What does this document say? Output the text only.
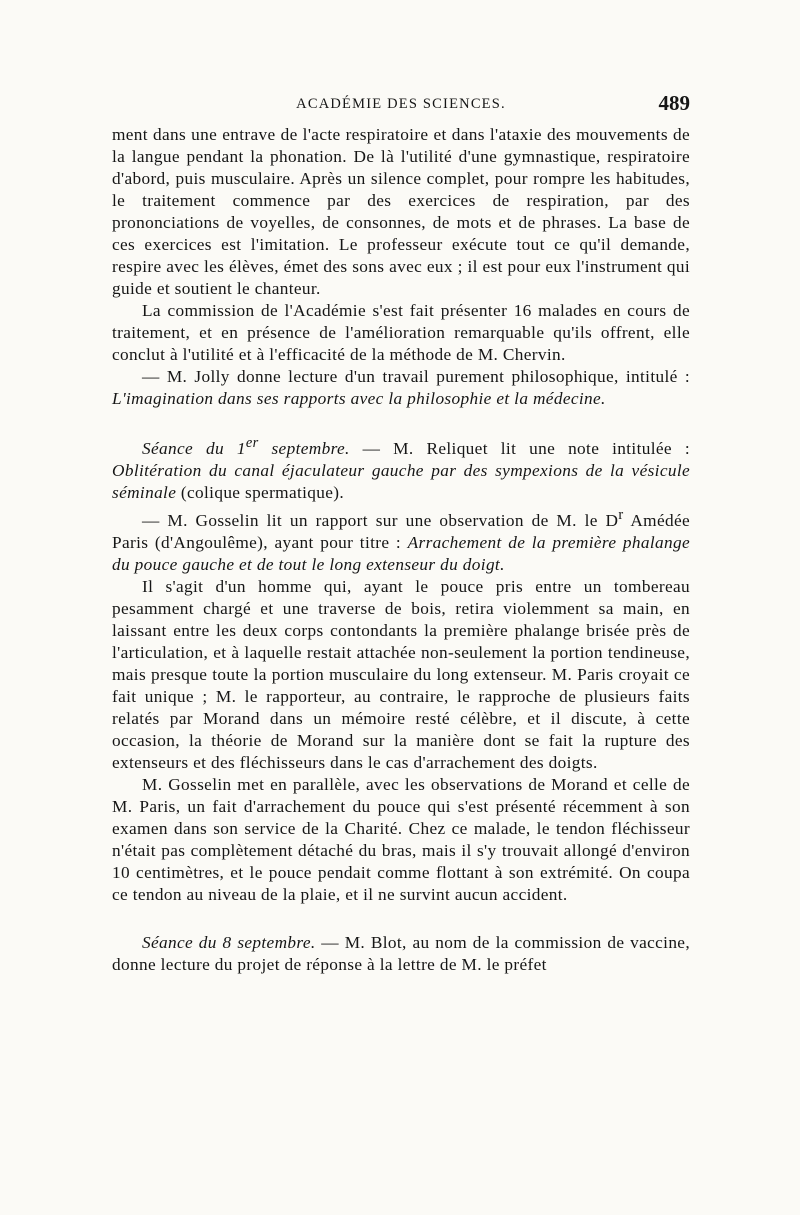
ACADÉMIE DES SCIENCES.	489

ment dans une entrave de l'acte respiratoire et dans l'ataxie des mouvements de la langue pendant la phonation. De là l'utilité d'une gymnastique, respiratoire d'abord, puis musculaire. Après un silence complet, pour rompre les habitudes, le traitement commence par des exercices de respiration, par des prononciations de voyelles, de consonnes, de mots et de phrases. La base de ces exercices est l'imitation. Le professeur exécute tout ce qu'il demande, respire avec les élèves, émet des sons avec eux ; il est pour eux l'instrument qui guide et soutient le chanteur.

La commission de l'Académie s'est fait présenter 16 malades en cours de traitement, et en présence de l'amélioration remarquable qu'ils offrent, elle conclut à l'utilité et à l'efficacité de la méthode de M. Chervin.

— M. Jolly donne lecture d'un travail purement philosophique, intitulé : L'imagination dans ses rapports avec la philosophie et la médecine.

Séance du 1er septembre. — M. Reliquet lit une note intitulée : Oblitération du canal éjaculateur gauche par des sympexions de la vésicule séminale (colique spermatique).

— M. Gosselin lit un rapport sur une observation de M. le $D^r$ Amédée Paris (d'Angoulême), ayant pour titre : Arrachement de la première phalange du pouce gauche et de tout le long extenseur du doigt.

Il s'agit d'un homme qui, ayant le pouce pris entre un tombereau pesamment chargé et une traverse de bois, retira violemment sa main, en laissant entre les deux corps contondants la première phalange brisée près de l'articulation, et à laquelle restait attachée non-seulement la portion tendineuse, mais presque toute la portion musculaire du long extenseur. M. Paris croyait ce fait unique ; M. le rapporteur, au contraire, le rapproche de plusieurs faits relatés par Morand dans un mémoire resté célèbre, et il discute, à cette occasion, la théorie de Morand sur la manière dont se fait la rupture des extenseurs et des fléchisseurs dans le cas d'arrachement des doigts.

M. Gosselin met en parallèle, avec les observations de Morand et celle de M. Paris, un fait d'arrachement du pouce qui s'est présenté récemment à son examen dans son service de la Charité. Chez ce malade, le tendon fléchisseur n'était pas complètement détaché du bras, mais il s'y trouvait allongé d'environ 10 centimètres, et le pouce pendait comme flottant à son extrémité. On coupa ce tendon au niveau de la plaie, et il ne survint aucun accident.

Séance du 8 septembre. — M. Blot, au nom de la commission de vaccine, donne lecture du projet de réponse à la lettre de M. le préfet
